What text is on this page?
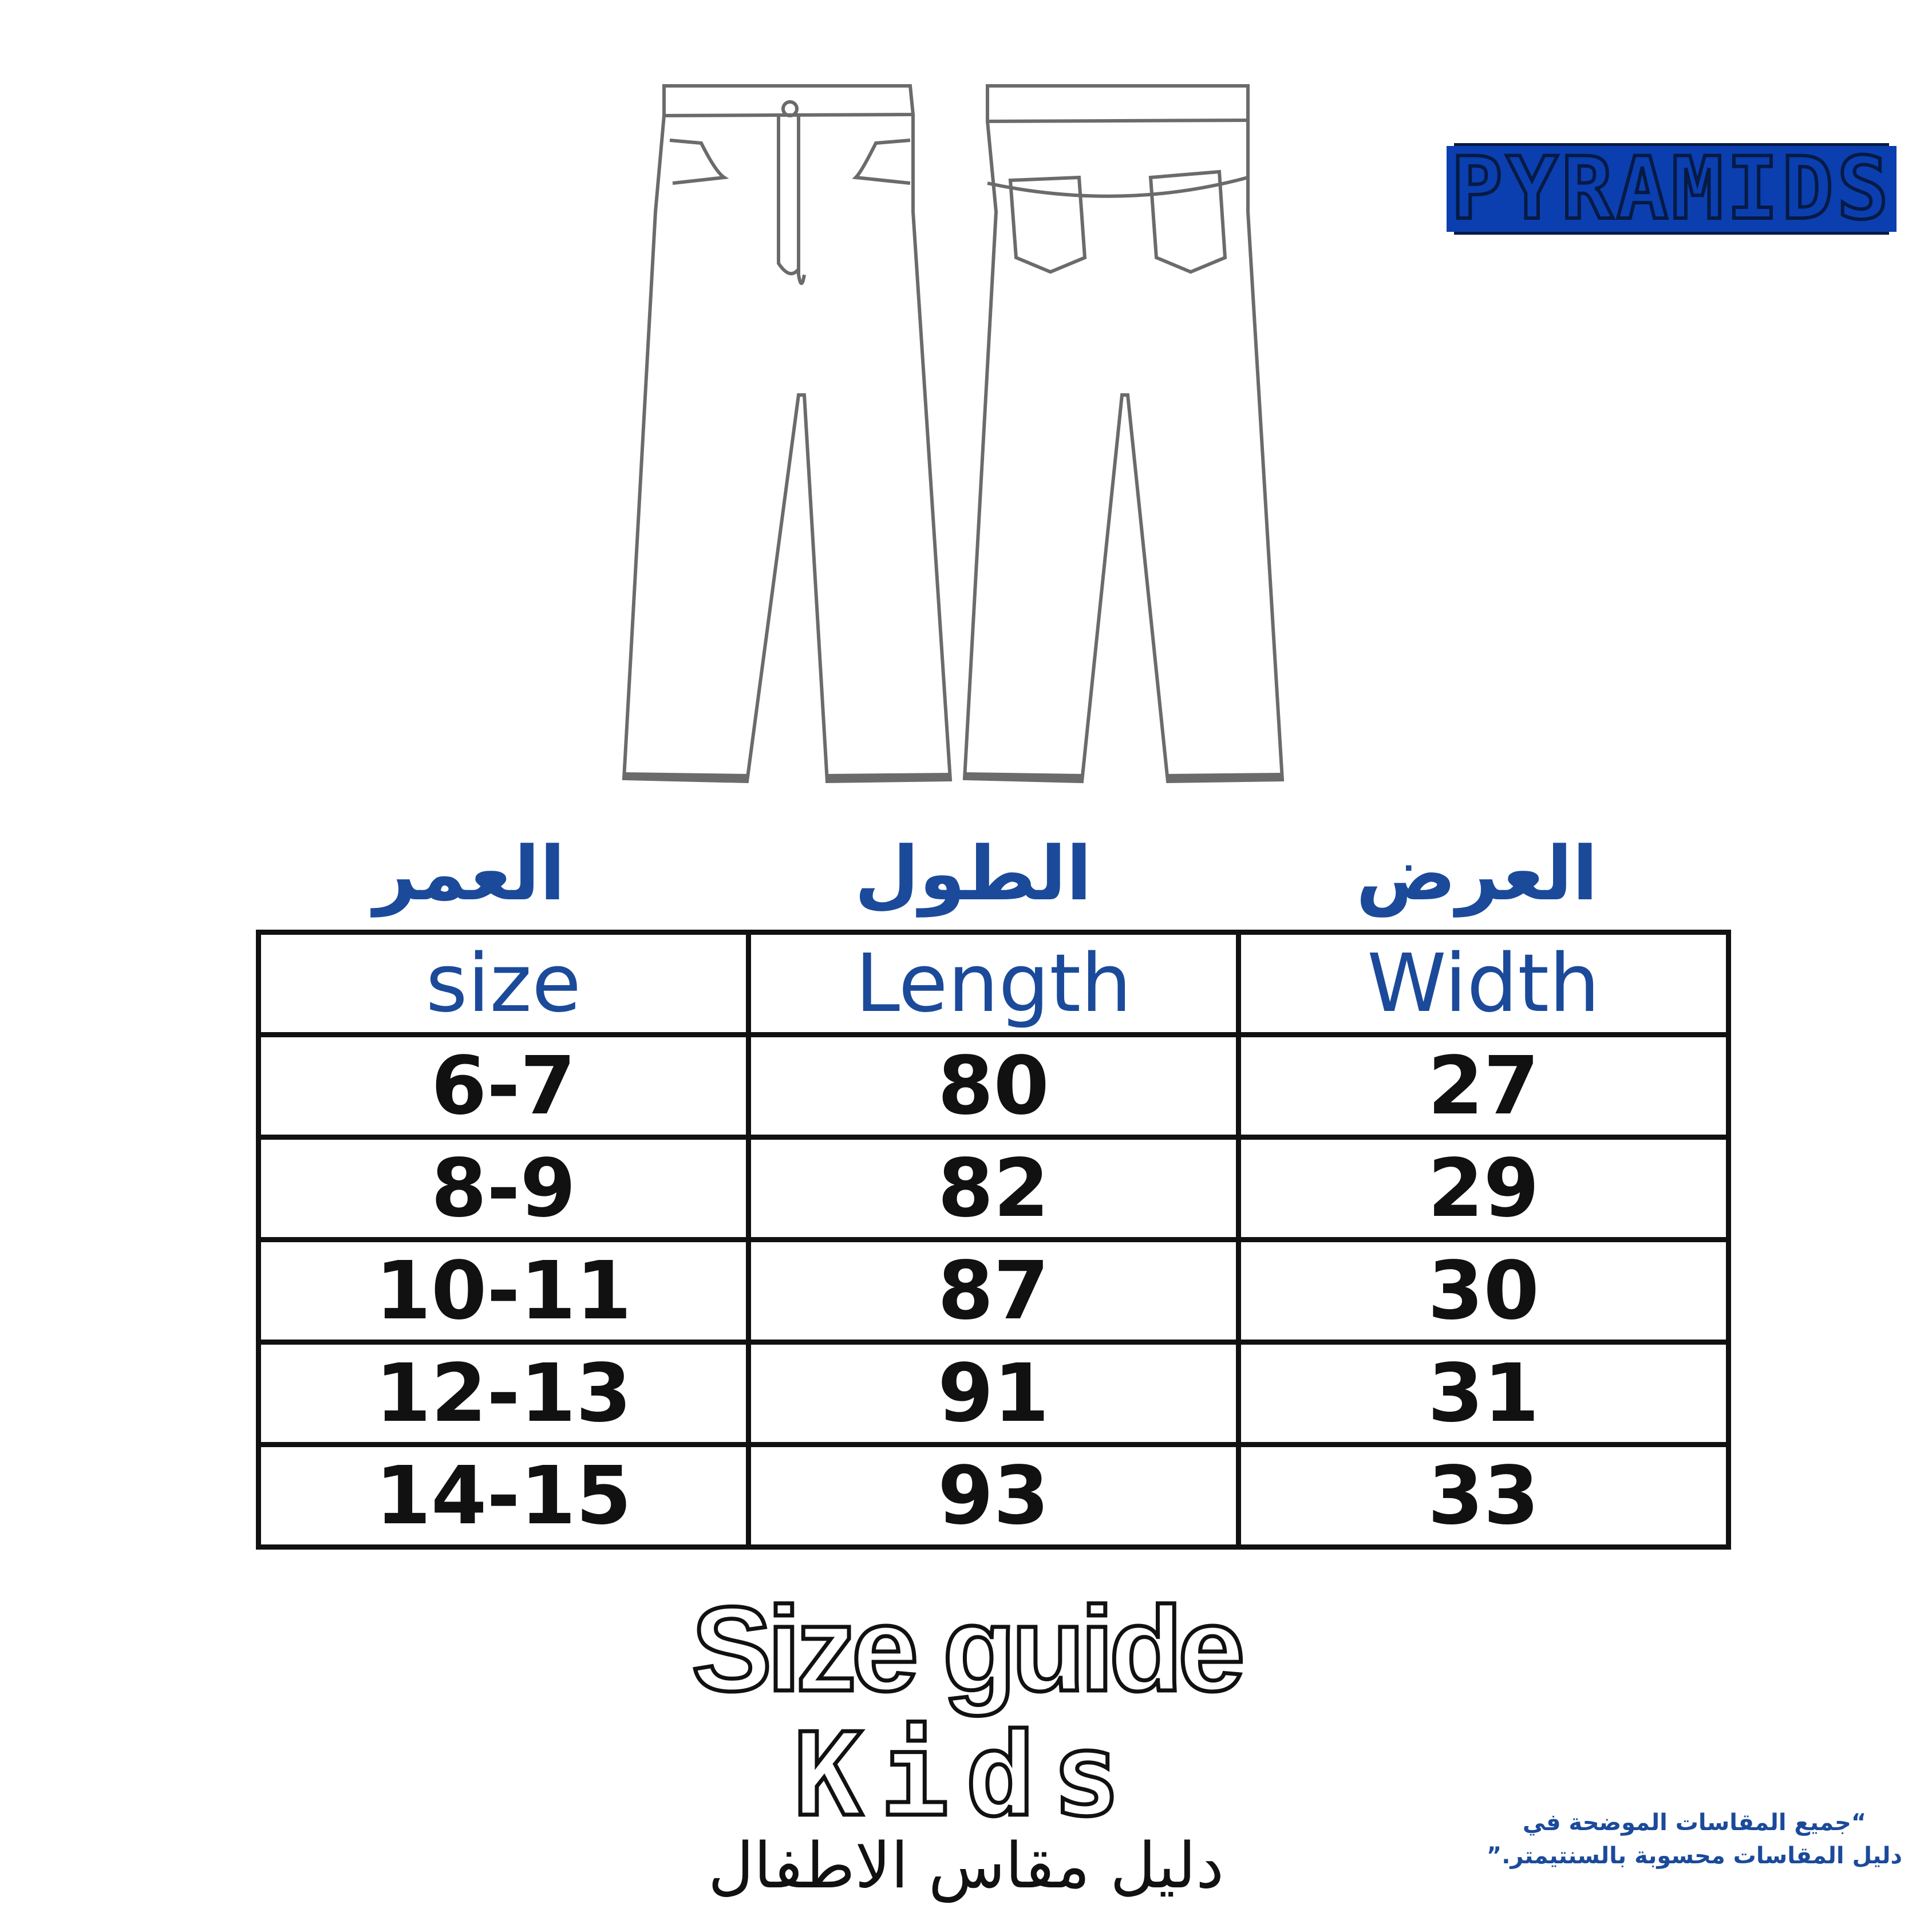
PYRAMIDS
العمر	الطول	العرض
size	Length	Width
6-7	80	27
8-9	82	29
10-11	87	30
12-13	91	31
14-15	93	33
Size guide
Kids
دليل مقاس الاطفال
“جميع المقاسات الموضحة في
دليل المقاسات محسوبة بالسنتيمتر.”
